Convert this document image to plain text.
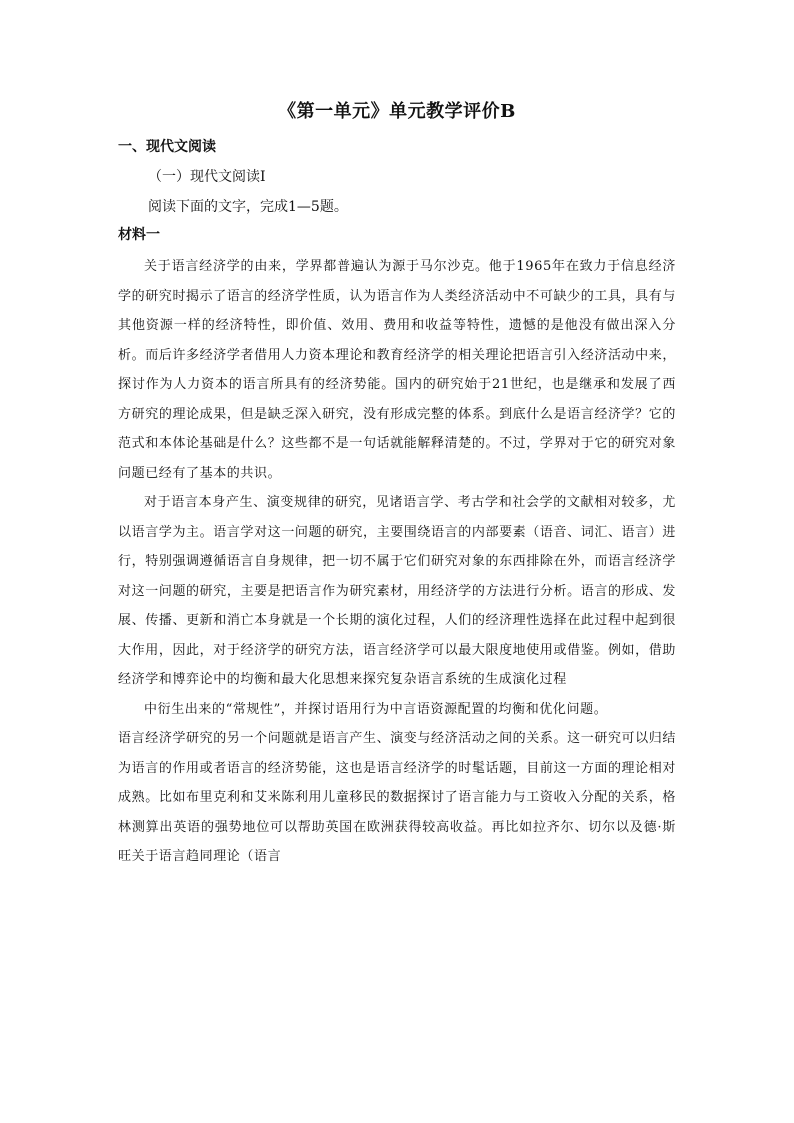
《第一单元》单元教学评价B
一、现代文阅读
（一）现代文阅读Ⅰ
阅读下面的文字，完成1—5题。
材料一

关于语言经济学的由来，学界都普遍认为源于马尔沙克。他于1965年在致力于信息经济学的研究时揭示了语言的经济学性质，认为语言作为人类经济活动中不可缺少的工具，具有与其他资源一样的经济特性，即价值、效用、费用和收益等特性，遗憾的是他没有做出深入分析。而后许多经济学者借用人力资本理论和教育经济学的相关理论把语言引入经济活动中来，探讨作为人力资本的语言所具有的经济势能。国内的研究始于21世纪，也是继承和发展了西方研究的理论成果，但是缺乏深入研究，没有形成完整的体系。到底什么是语言经济学？它的范式和本体论基础是什么？这些都不是一句话就能解释清楚的。不过，学界对于它的研究对象问题已经有了基本的共识。

对于语言本身产生、演变规律的研究，见诸语言学、考古学和社会学的文献相对较多，尤以语言学为主。语言学对这一问题的研究，主要围绕语言的内部要素（语音、词汇、语言）进行，特别强调遵循语言自身规律，把一切不属于它们研究对象的东西排除在外，而语言经济学对这一问题的研究，主要是把语言作为研究素材，用经济学的方法进行分析。语言的形成、发展、传播、更新和消亡本身就是一个长期的演化过程，人们的经济理性选择在此过程中起到很大作用，因此，对于经济学的研究方法，语言经济学可以最大限度地使用或借鉴。例如，借助经济学和博弈论中的均衡和最大化思想来探究复杂语言系统的生成演化过程

中衍生出来的“常规性”，并探讨语用行为中言语资源配置的均衡和优化问题。

语言经济学研究的另一个问题就是语言产生、演变与经济活动之间的关系。这一研究可以归结为语言的作用或者语言的经济势能，这也是语言经济学的时髦话题，目前这一方面的理论相对成熟。比如布里克利和艾米陈利用儿童移民的数据探讨了语言能力与工资收入分配的关系，格林测算出英语的强势地位可以帮助英国在欧洲获得较高收益。再比如拉齐尔、切尔以及德·斯旺关于语言趋同理论（语言
